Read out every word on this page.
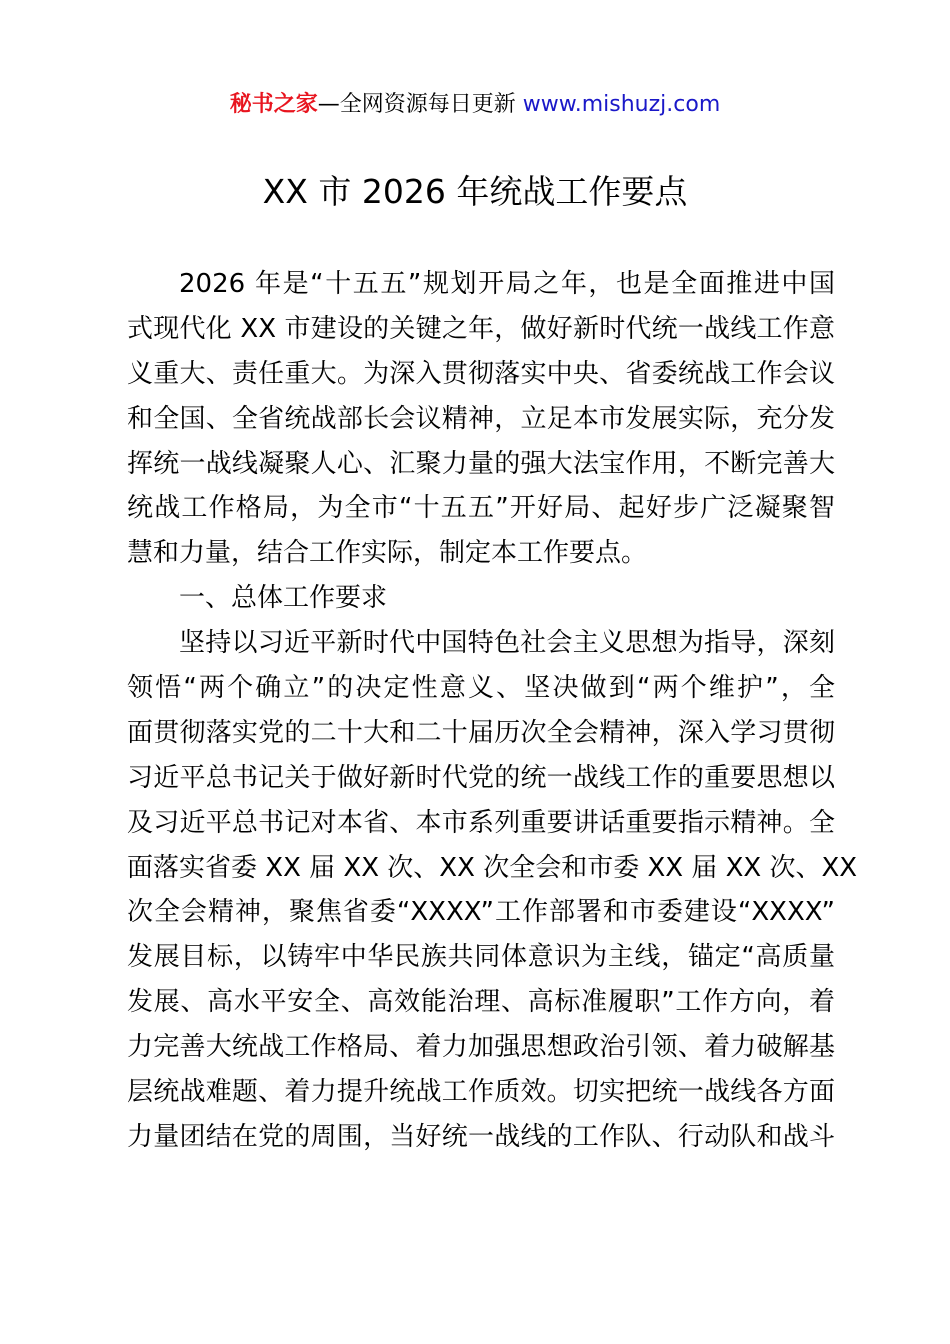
秘书之家—全网资源每日更新 www.mishuzj.com
XX 市 2026 年统战工作要点
2026 年是“十五五”规划开局之年，也是全面推进中国
式现代化 XX 市建设的关键之年，做好新时代统一战线工作意
义重大、责任重大。为深入贯彻落实中央、省委统战工作会议
和全国、全省统战部长会议精神，立足本市发展实际，充分发
挥统一战线凝聚人心、汇聚力量的强大法宝作用，不断完善大
统战工作格局，为全市“十五五”开好局、起好步广泛凝聚智
慧和力量，结合工作实际，制定本工作要点。
一、总体工作要求
坚持以习近平新时代中国特色社会主义思想为指导，深刻
领悟“两个确立”的决定性意义、坚决做到“两个维护”，全
面贯彻落实党的二十大和二十届历次全会精神，深入学习贯彻
习近平总书记关于做好新时代党的统一战线工作的重要思想以
及习近平总书记对本省、本市系列重要讲话重要指示精神。全
面落实省委 XX 届 XX 次、XX 次全会和市委 XX 届 XX 次、XX
次全会精神，聚焦省委“XXXX”工作部署和市委建设“XXXX”
发展目标，以铸牢中华民族共同体意识为主线，锚定“高质量
发展、高水平安全、高效能治理、高标准履职”工作方向，着
力完善大统战工作格局、着力加强思想政治引领、着力破解基
层统战难题、着力提升统战工作质效。切实把统一战线各方面
力量团结在党的周围，当好统一战线的工作队、行动队和战斗
